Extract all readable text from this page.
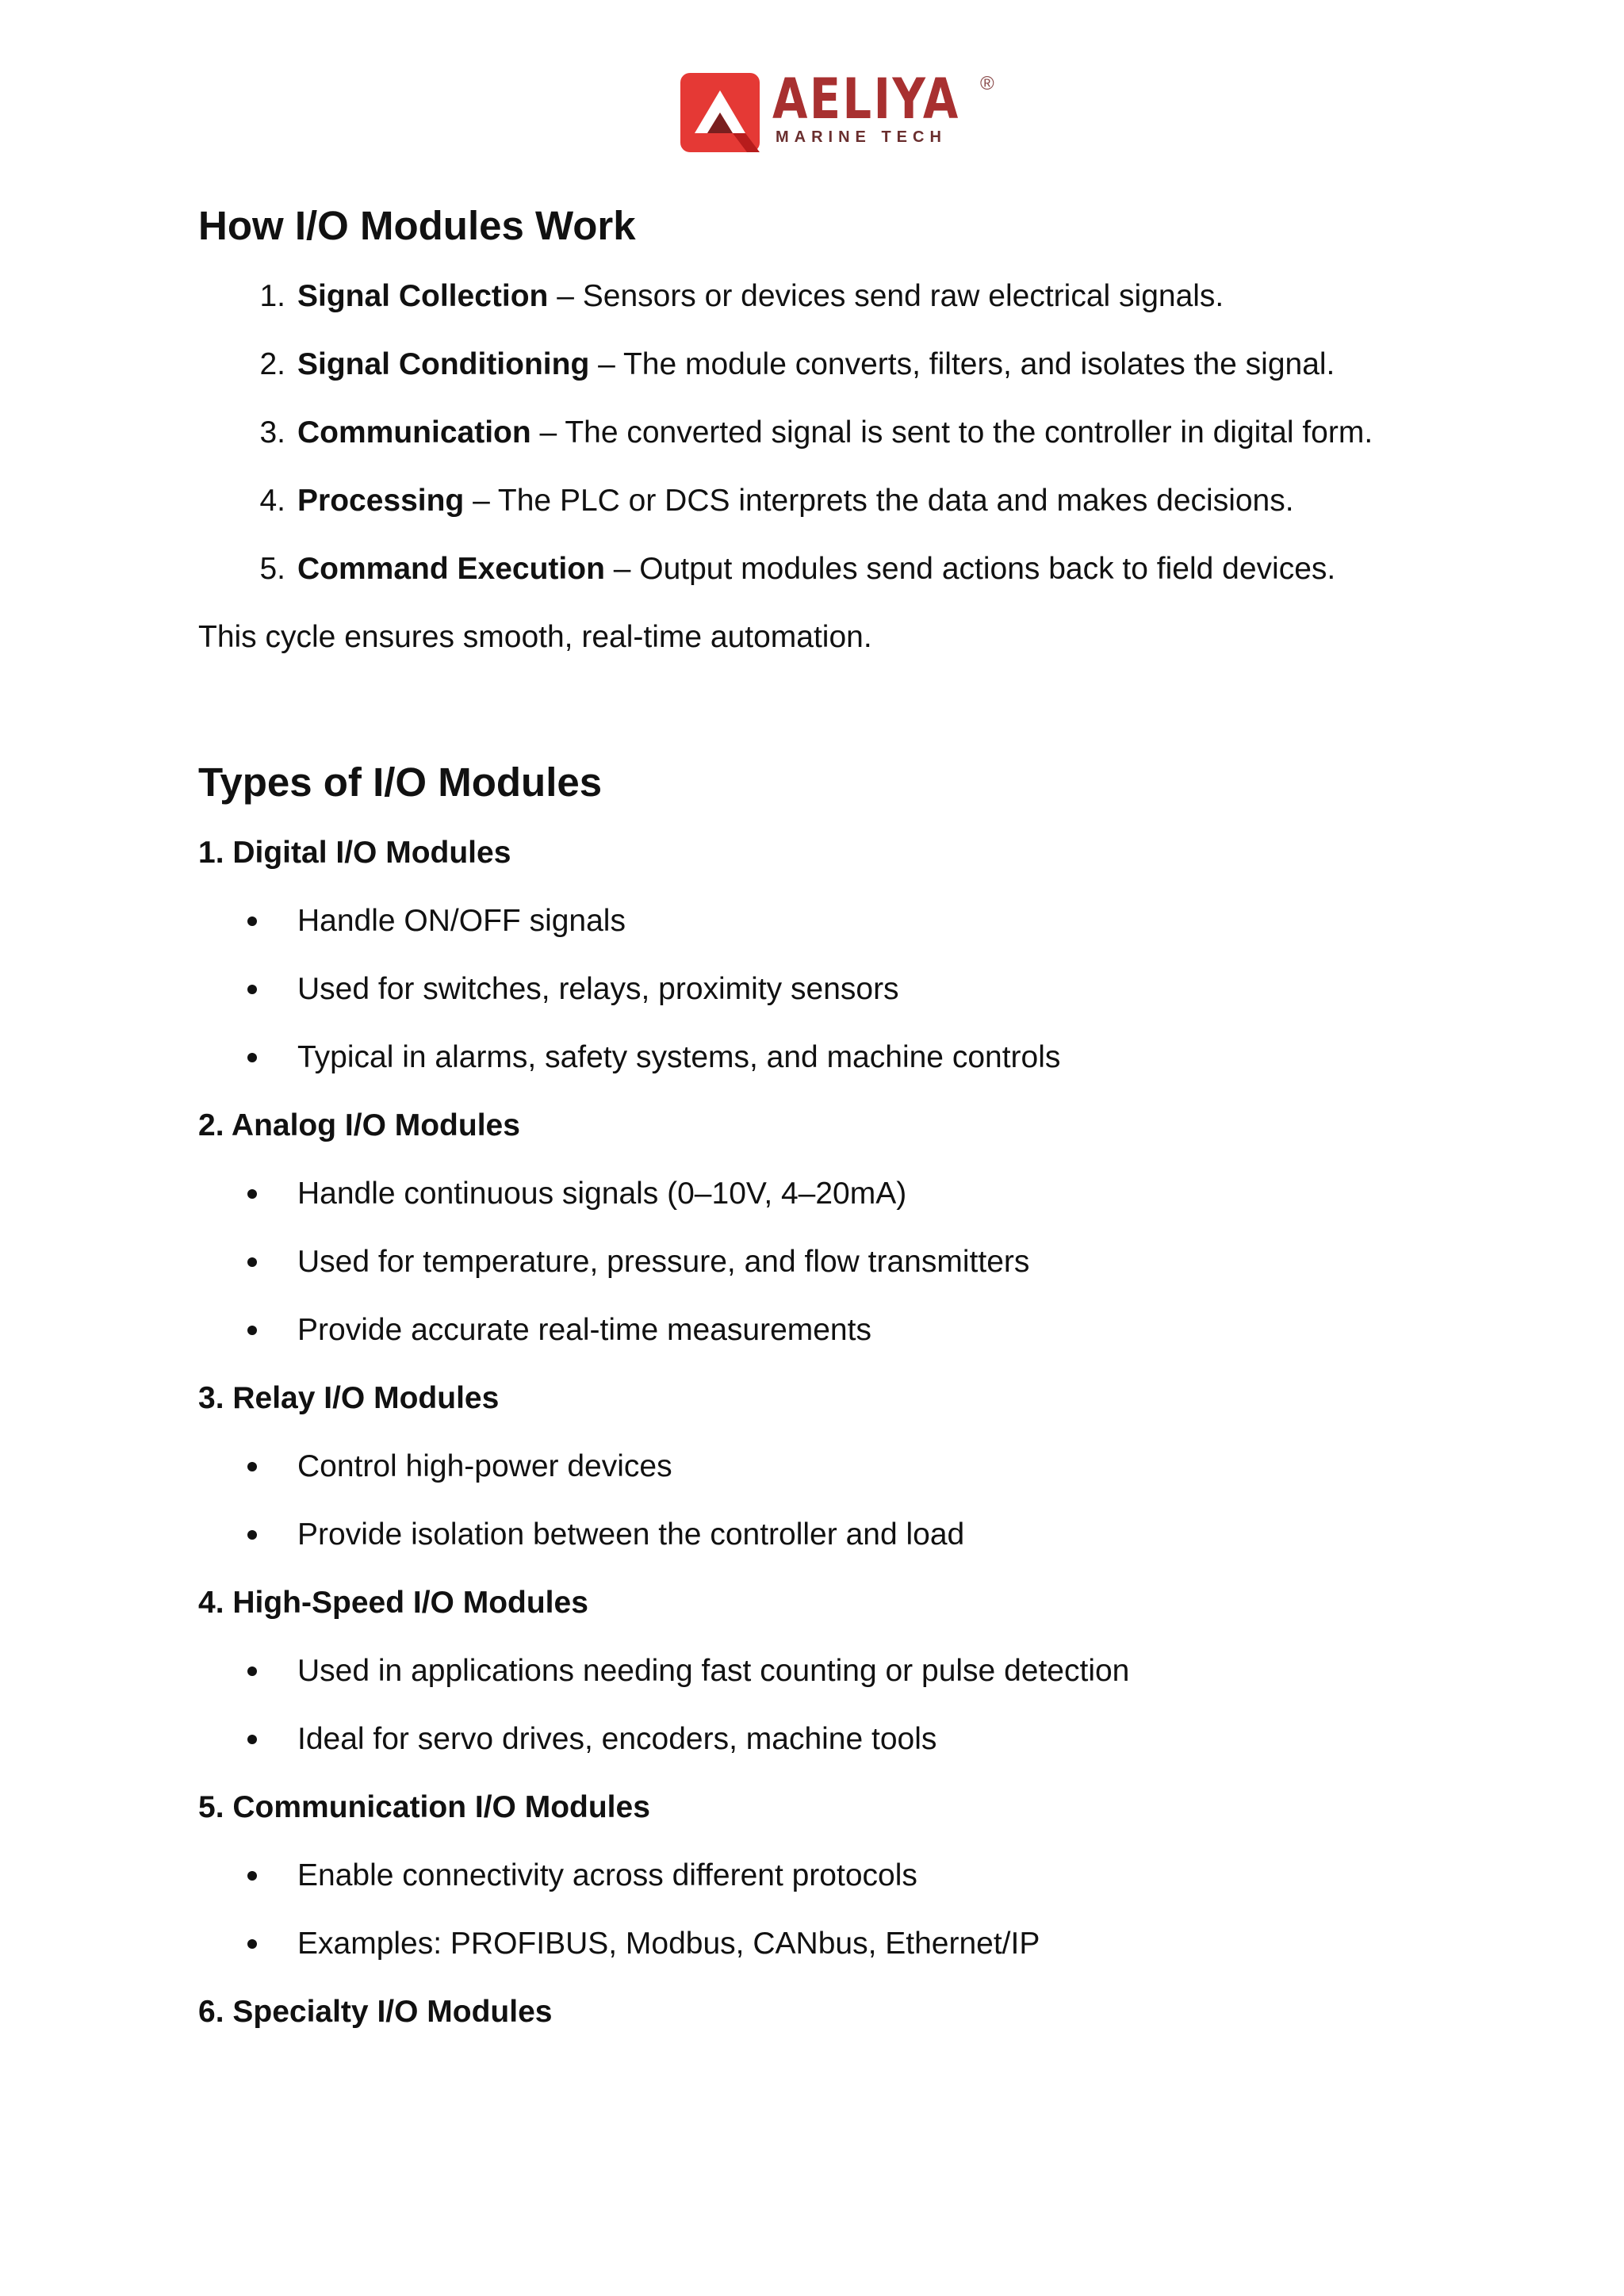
AELIYA
MARINE TECH
®
How I/O Modules Work
1. Signal Collection – Sensors or devices send raw electrical signals.
2. Signal Conditioning – The module converts, filters, and isolates the signal.
3. Communication – The converted signal is sent to the controller in digital form.
4. Processing – The PLC or DCS interprets the data and makes decisions.
5. Command Execution – Output modules send actions back to field devices.
This cycle ensures smooth, real-time automation.
Types of I/O Modules
1. Digital I/O Modules
Handle ON/OFF signals
Used for switches, relays, proximity sensors
Typical in alarms, safety systems, and machine controls
2. Analog I/O Modules
Handle continuous signals (0–10V, 4–20mA)
Used for temperature, pressure, and flow transmitters
Provide accurate real-time measurements
3. Relay I/O Modules
Control high-power devices
Provide isolation between the controller and load
4. High-Speed I/O Modules
Used in applications needing fast counting or pulse detection
Ideal for servo drives, encoders, machine tools
5. Communication I/O Modules
Enable connectivity across different protocols
Examples: PROFIBUS, Modbus, CANbus, Ethernet/IP
6. Specialty I/O Modules
